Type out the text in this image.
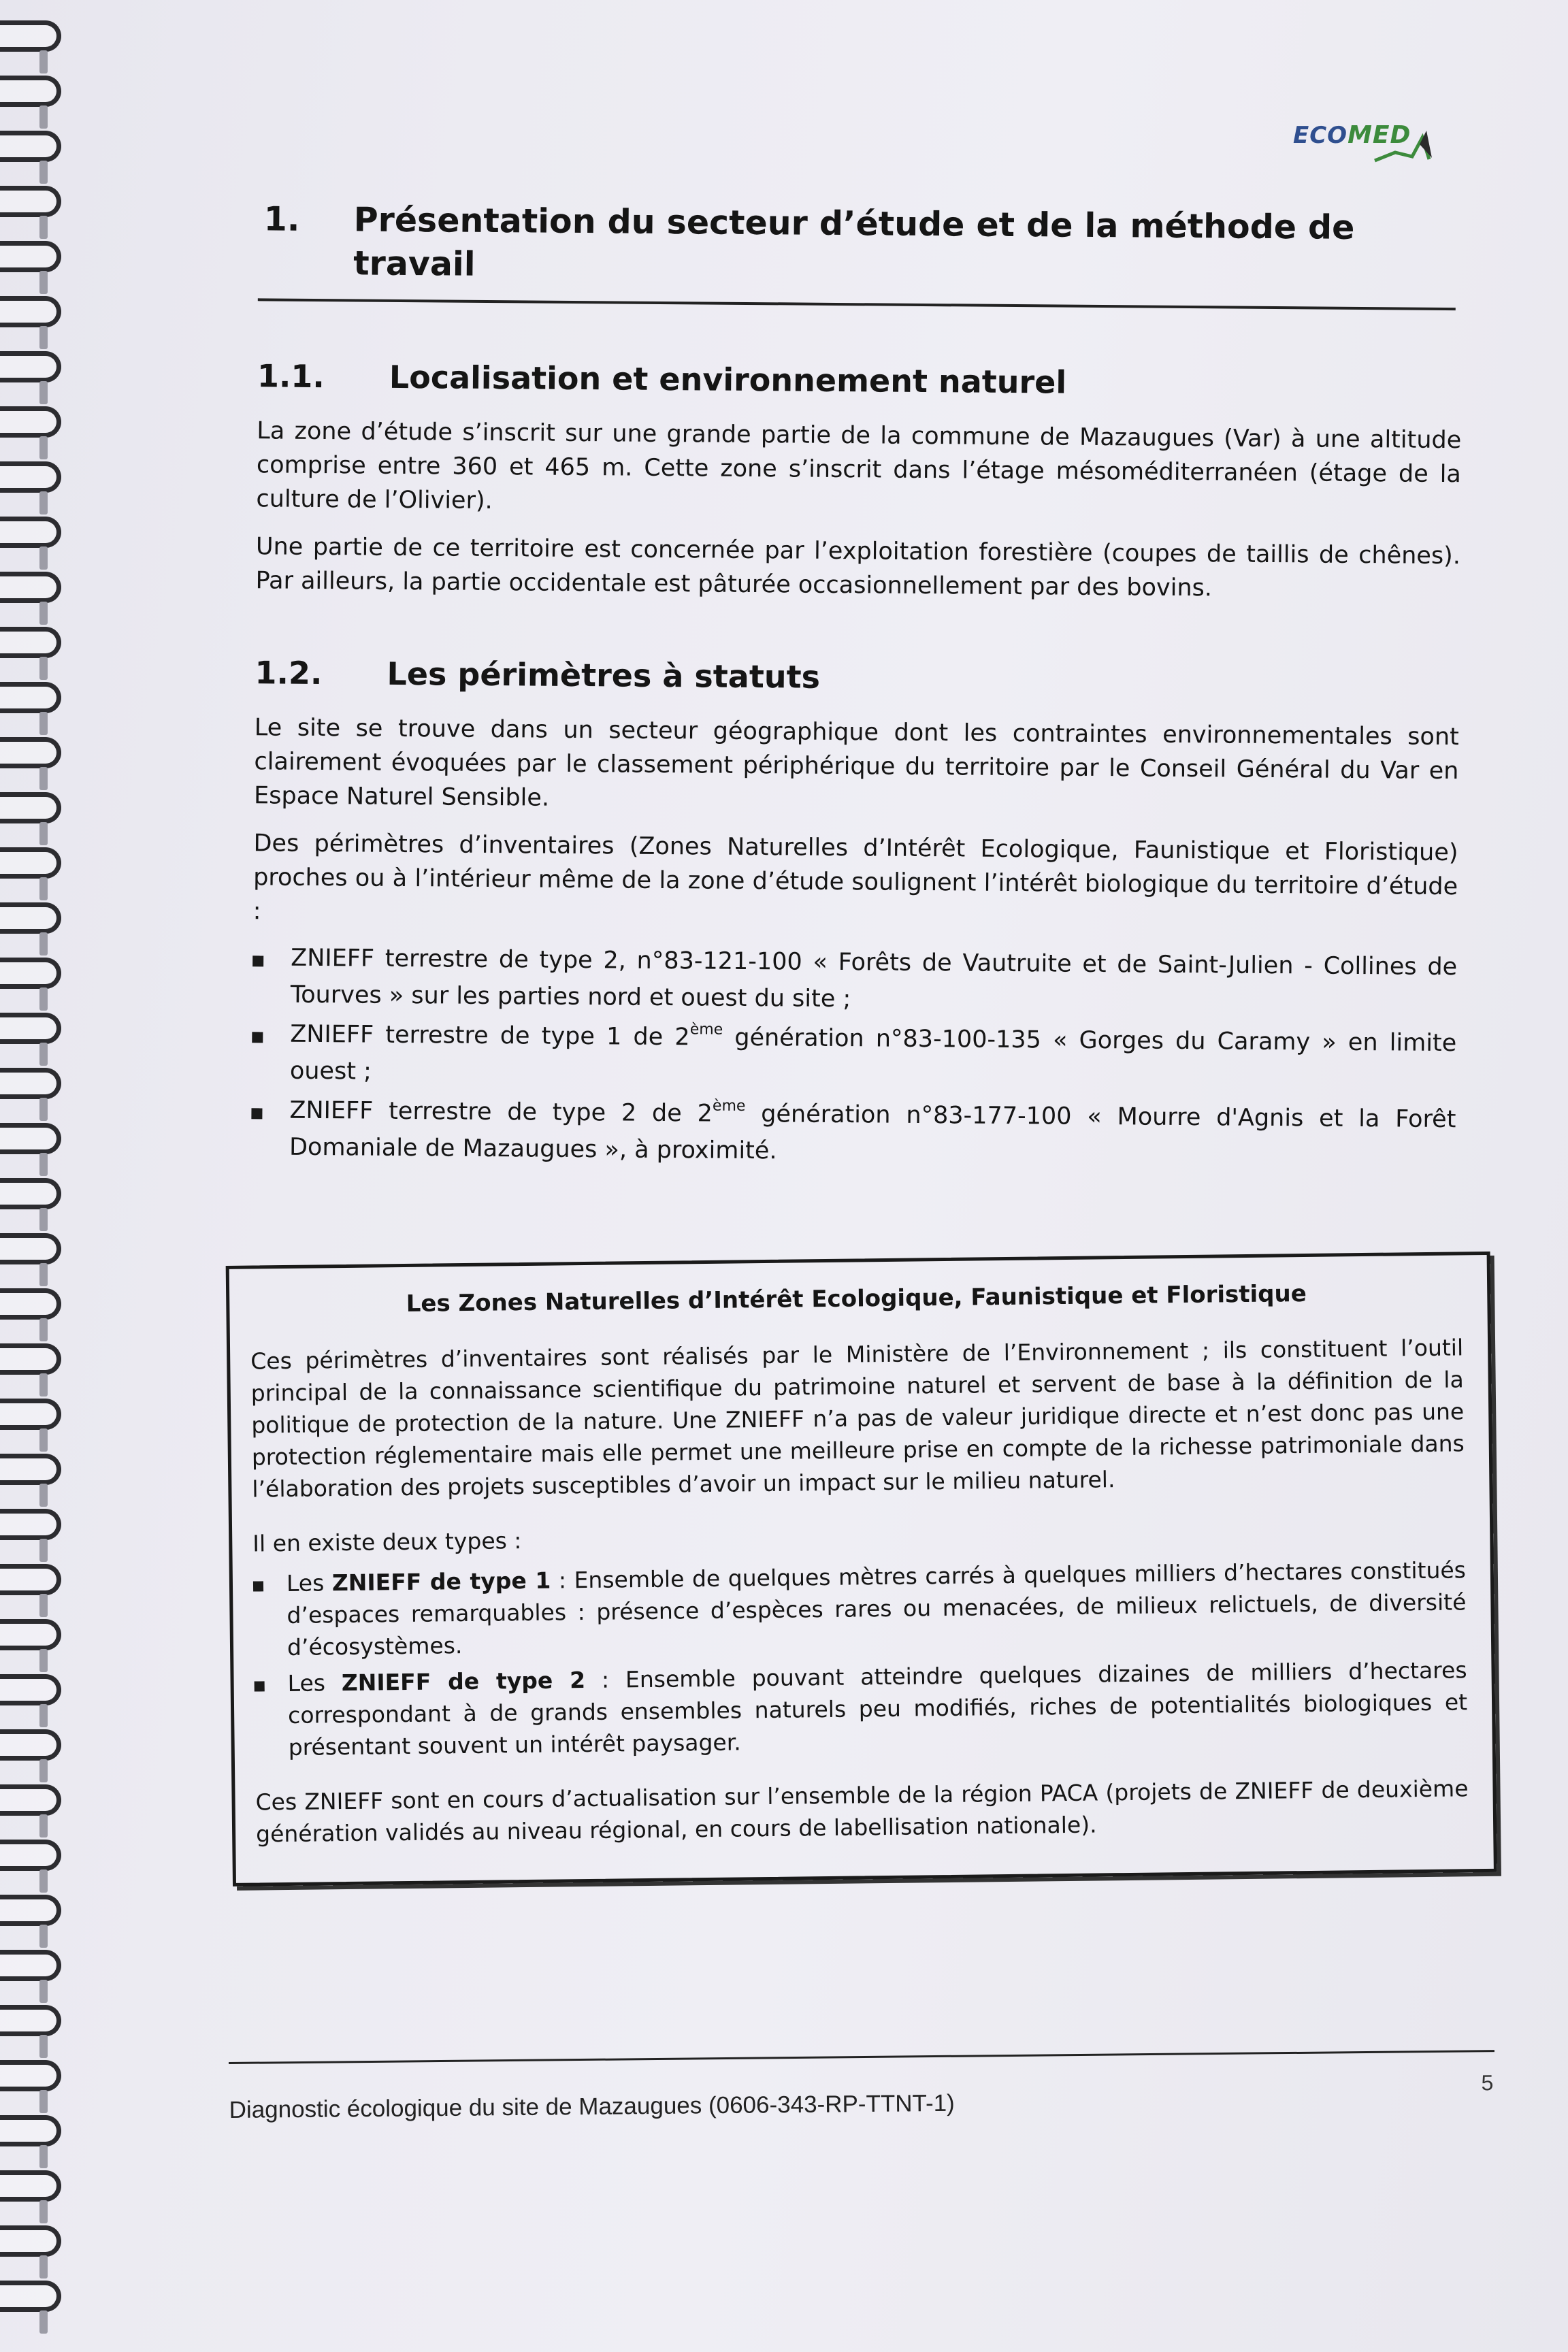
ECOMED
1.	Présentation du secteur d’étude et de la méthode de travail
1.1.	Localisation et environnement naturel

La zone d’étude s’inscrit sur une grande partie de la commune de Mazaugues (Var) à une altitude comprise entre 360 et 465 m. Cette zone s’inscrit dans l’étage mésoméditerranéen (étage de la culture de l’Olivier).

Une partie de ce territoire est concernée par l’exploitation forestière (coupes de taillis de chênes). Par ailleurs, la partie occidentale est pâturée occasionnellement par des bovins.

1.2.	Les périmètres à statuts

Le site se trouve dans un secteur géographique dont les contraintes environnementales sont clairement évoquées par le classement périphérique du territoire par le Conseil Général du Var en Espace Naturel Sensible.

Des périmètres d’inventaires (Zones Naturelles d’Intérêt Ecologique, Faunistique et Floristique) proches ou à l’intérieur même de la zone d’étude soulignent l’intérêt biologique du territoire d’étude :

ZNIEFF terrestre de type 2, n°83-121-100 « Forêts de Vautruite et de Saint-Julien - Collines de Tourves » sur les parties nord et ouest du site ;
ZNIEFF terrestre de type 1 de 2ème génération n°83-100-135 « Gorges du Caramy » en limite ouest ;
ZNIEFF terrestre de type 2 de 2ème génération n°83-177-100 « Mourre d'Agnis et la Forêt Domaniale de Mazaugues », à proximité.
Les Zones Naturelles d’Intérêt Ecologique, Faunistique et Floristique

Ces périmètres d’inventaires sont réalisés par le Ministère de l’Environnement ; ils constituent l’outil principal de la connaissance scientifique du patrimoine naturel et servent de base à la définition de la politique de protection de la nature. Une ZNIEFF n’a pas de valeur juridique directe et n’est donc pas une protection réglementaire mais elle permet une meilleure prise en compte de la richesse patrimoniale dans l’élaboration des projets susceptibles d’avoir un impact sur le milieu naturel.

Il en existe deux types :

Les ZNIEFF de type 1 : Ensemble de quelques mètres carrés à quelques milliers d’hectares constitués d’espaces remarquables : présence d’espèces rares ou menacées, de milieux relictuels, de diversité d’écosystèmes.
Les ZNIEFF de type 2 : Ensemble pouvant atteindre quelques dizaines de milliers d’hectares correspondant à de grands ensembles naturels peu modifiés, riches de potentialités biologiques et présentant souvent un intérêt paysager.

Ces ZNIEFF sont en cours d’actualisation sur l’ensemble de la région PACA (projets de ZNIEFF de deuxième génération validés au niveau régional, en cours de labellisation nationale).

5
Diagnostic écologique du site de Mazaugues (0606-343-RP-TTNT-1)
